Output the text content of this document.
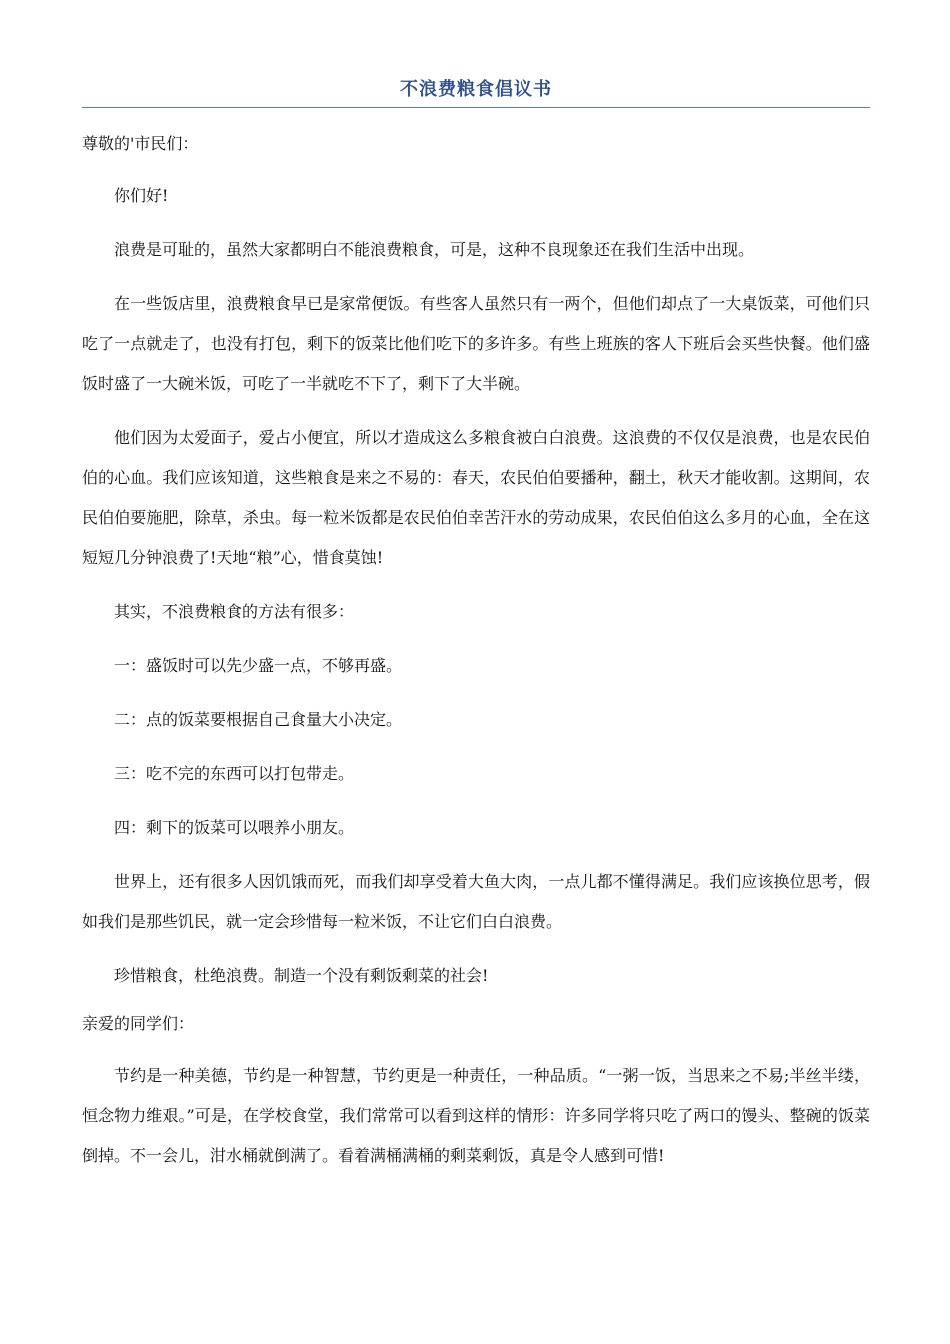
不浪费粮食倡议书

尊敬的'市民们：

你们好!

浪费是可耻的，虽然大家都明白不能浪费粮食，可是，这种不良现象还在我们生活中出现。

在一些饭店里，浪费粮食早已是家常便饭。有些客人虽然只有一两个，但他们却点了一大桌饭菜，可他们只吃了一点就走了，也没有打包，剩下的饭菜比他们吃下的多许多。有些上班族的客人下班后会买些快餐。他们盛饭时盛了一大碗米饭，可吃了一半就吃不下了，剩下了大半碗。

他们因为太爱面子，爱占小便宜，所以才造成这么多粮食被白白浪费。这浪费的不仅仅是浪费，也是农民伯伯的心血。我们应该知道，这些粮食是来之不易的：春天，农民伯伯要播种，翻土，秋天才能收割。这期间，农民伯伯要施肥，除草，杀虫。每一粒米饭都是农民伯伯幸苦汗水的劳动成果，农民伯伯这么多月的心血，全在这短短几分钟浪费了!天地“粮”心，惜食莫蚀!

其实，不浪费粮食的方法有很多：

一：盛饭时可以先少盛一点，不够再盛。

二：点的饭菜要根据自己食量大小决定。

三：吃不完的东西可以打包带走。

四：剩下的饭菜可以喂养小朋友。

世界上，还有很多人因饥饿而死，而我们却享受着大鱼大肉，一点儿都不懂得满足。我们应该换位思考，假如我们是那些饥民，就一定会珍惜每一粒米饭，不让它们白白浪费。

珍惜粮食，杜绝浪费。制造一个没有剩饭剩菜的社会!

亲爱的同学们：

节约是一种美德，节约是一种智慧，节约更是一种责任，一种品质。“一粥一饭，当思来之不易;半丝半缕，恒念物力维艰。”可是，在学校食堂，我们常常可以看到这样的情形：许多同学将只吃了两口的馒头、整碗的饭菜倒掉。不一会儿，泔水桶就倒满了。看着满桶满桶的剩菜剩饭，真是令人感到可惜!
